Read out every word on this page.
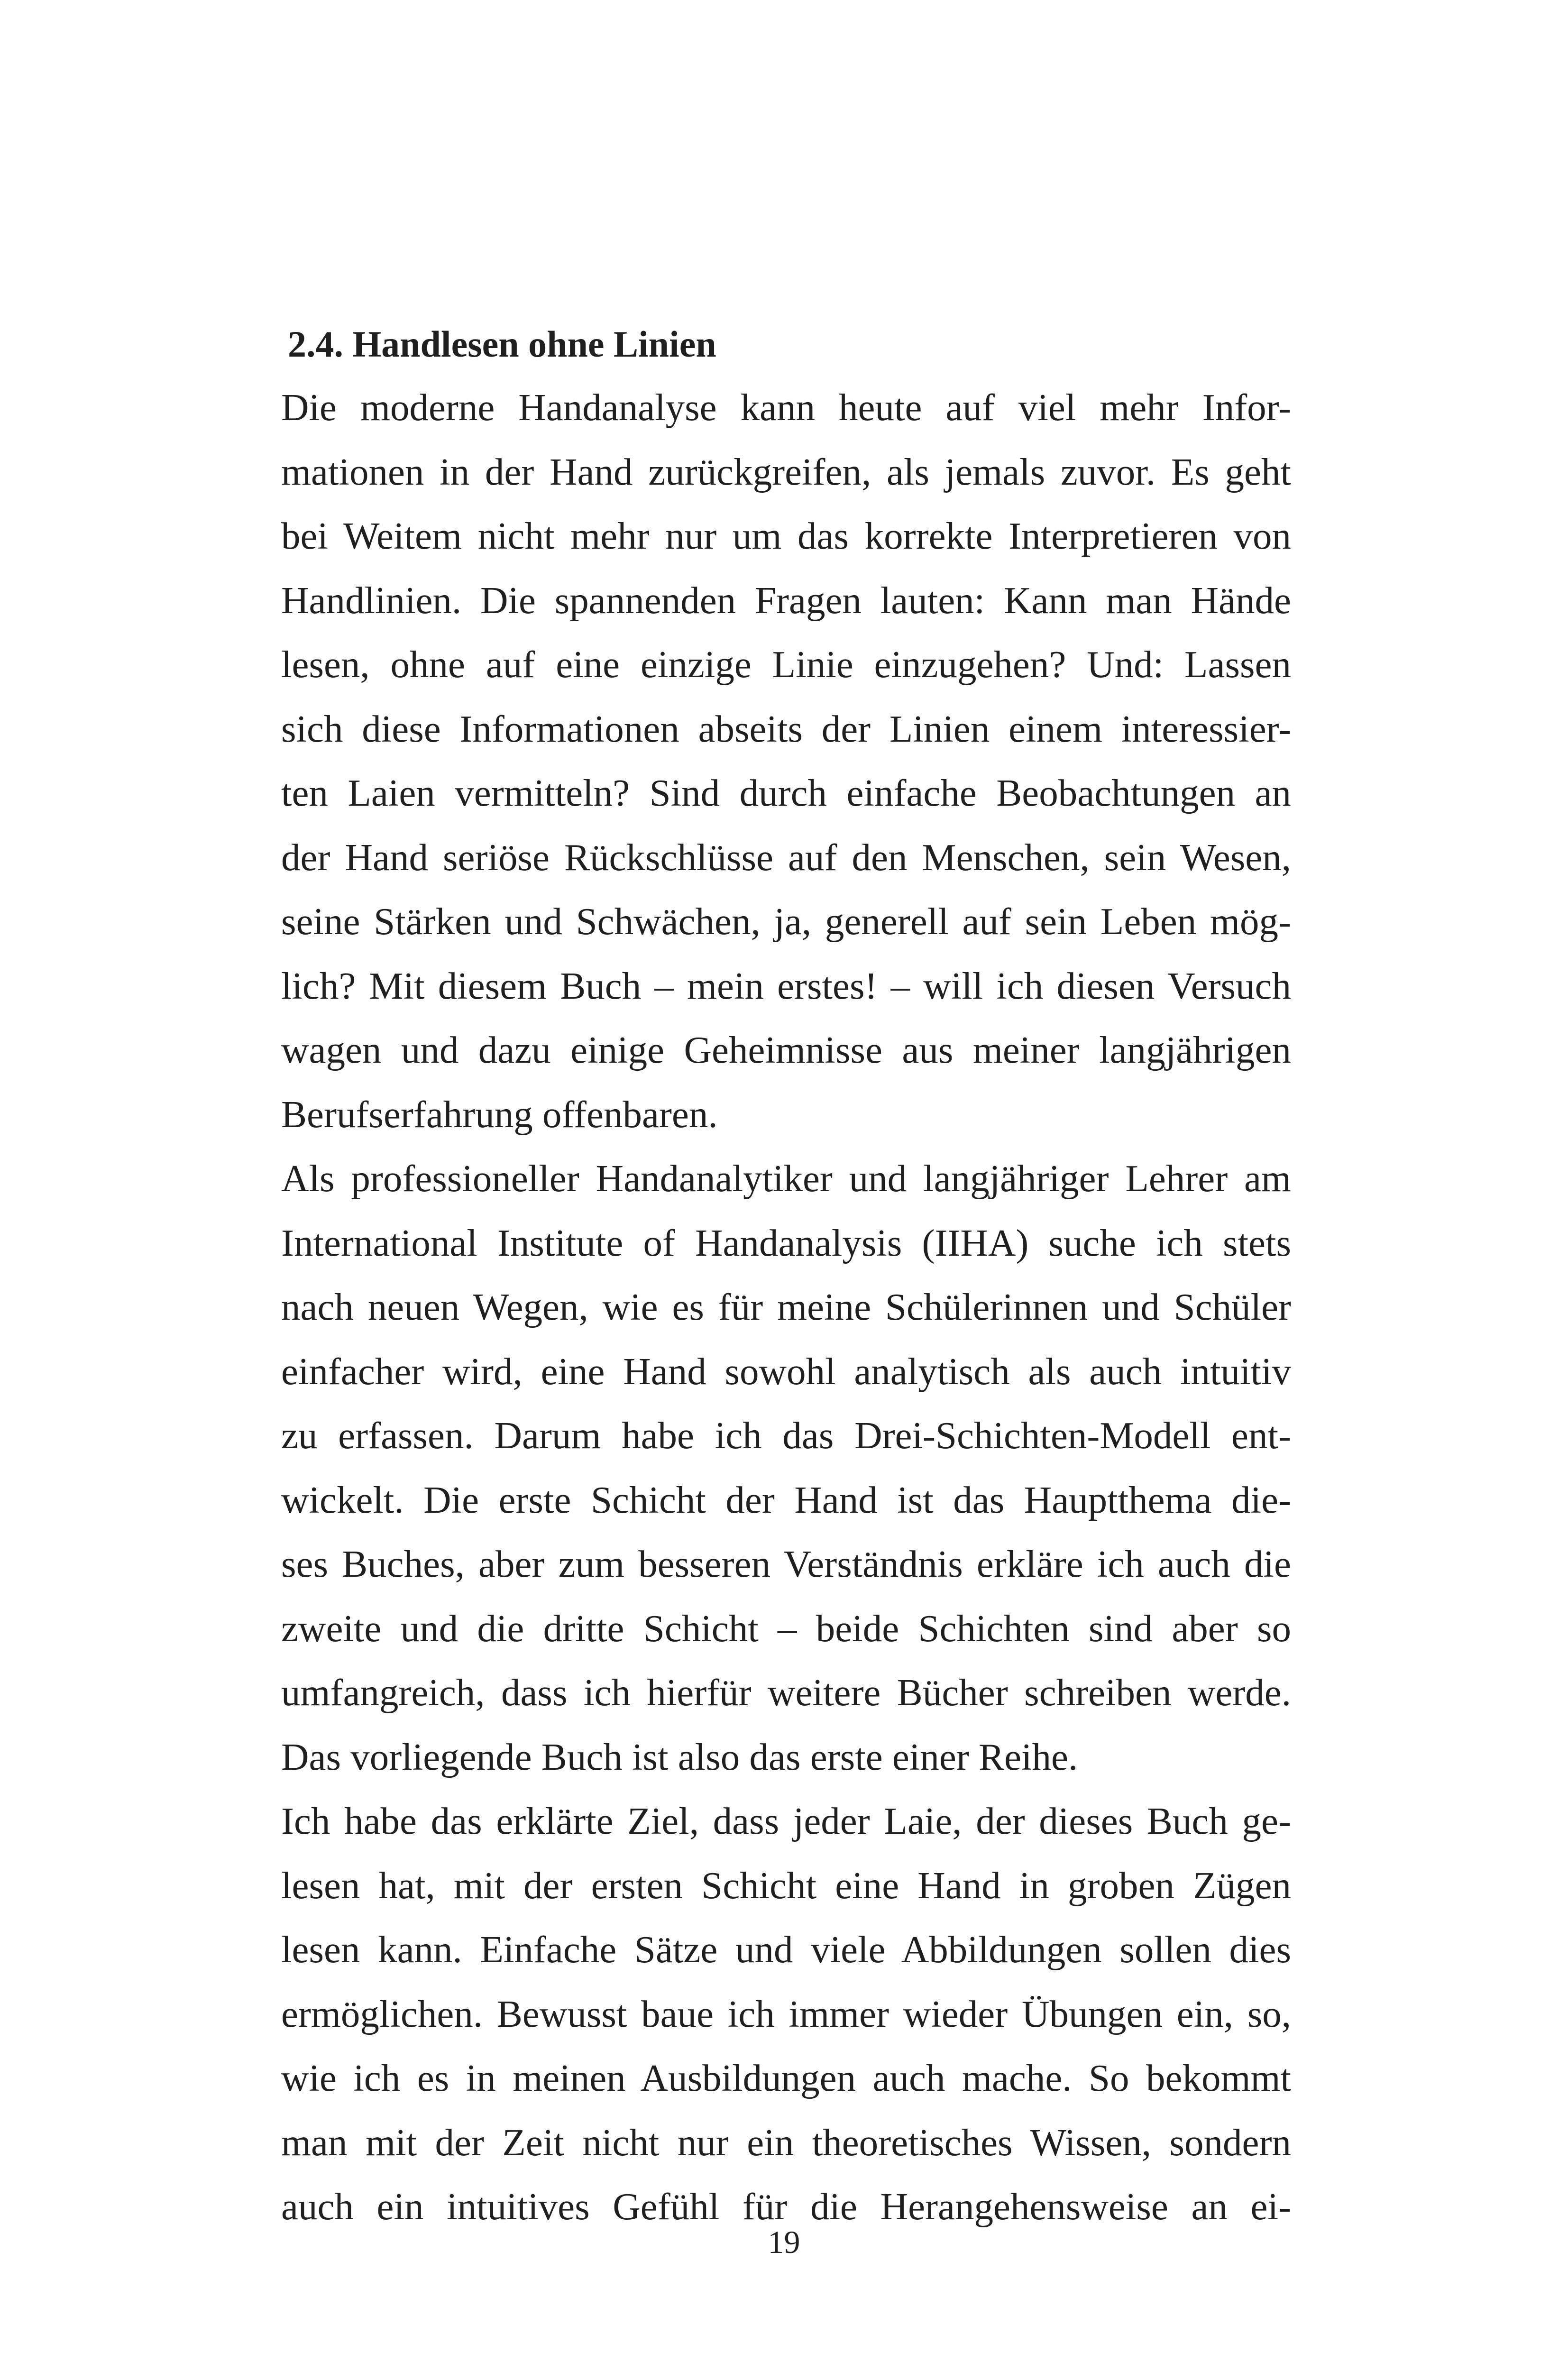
2.4. Handlesen ohne Linien
Die moderne Handanalyse kann heute auf viel mehr Infor-
mationen in der Hand zurückgreifen, als jemals zuvor. Es geht
bei Weitem nicht mehr nur um das korrekte Interpretieren von
Handlinien. Die spannenden Fragen lauten: Kann man Hände
lesen, ohne auf eine einzige Linie einzugehen? Und: Lassen
sich diese Informationen abseits der Linien einem interessier-
ten Laien vermitteln? Sind durch einfache Beobachtungen an
der Hand seriöse Rückschlüsse auf den Menschen, sein Wesen,
seine Stärken und Schwächen, ja, generell auf sein Leben mög-
lich? Mit diesem Buch – mein erstes! – will ich diesen Versuch
wagen und dazu einige Geheimnisse aus meiner langjährigen
Berufserfahrung offenbaren.
Als professioneller Handanalytiker und langjähriger Lehrer am
International Institute of Handanalysis (IIHA) suche ich stets
nach neuen Wegen, wie es für meine Schülerinnen und Schüler
einfacher wird, eine Hand sowohl analytisch als auch intuitiv
zu erfassen. Darum habe ich das Drei-Schichten-Modell ent-
wickelt. Die erste Schicht der Hand ist das Hauptthema die-
ses Buches, aber zum besseren Verständnis erkläre ich auch die
zweite und die dritte Schicht – beide Schichten sind aber so
umfangreich, dass ich hierfür weitere Bücher schreiben werde.
Das vorliegende Buch ist also das erste einer Reihe.
Ich habe das erklärte Ziel, dass jeder Laie, der dieses Buch ge-
lesen hat, mit der ersten Schicht eine Hand in groben Zügen
lesen kann. Einfache Sätze und viele Abbildungen sollen dies
ermöglichen. Bewusst baue ich immer wieder Übungen ein, so,
wie ich es in meinen Ausbildungen auch mache. So bekommt
man mit der Zeit nicht nur ein theoretisches Wissen, sondern
auch ein intuitives Gefühl für die Herangehensweise an ei-
19
